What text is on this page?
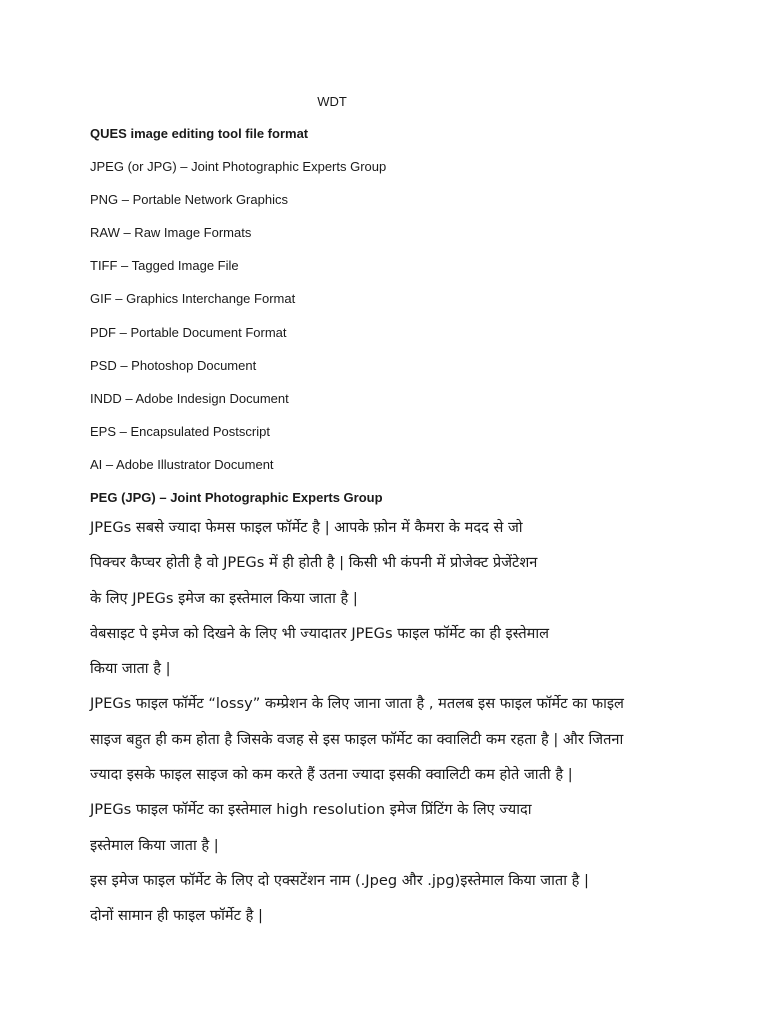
WDT
QUES image editing tool file format
JPEG (or JPG) – Joint Photographic Experts Group
PNG – Portable Network Graphics
RAW – Raw Image Formats
TIFF – Tagged Image File
GIF – Graphics Interchange Format
PDF – Portable Document Format
PSD – Photoshop Document
INDD – Adobe Indesign Document
EPS – Encapsulated Postscript
AI – Adobe Illustrator Document
PEG (JPG) – Joint Photographic Experts Group
JPEGs सबसे ज्यादा फेमस फाइल फॉर्मेट है | आपके फ़ोन में कैमरा के मदद से जो
पिक्चर कैप्चर होती है वो JPEGs में ही होती है | किसी भी कंपनी में प्रोजेक्ट प्रेजेंटेशन
के लिए JPEGs इमेज का इस्तेमाल किया जाता है |
वेबसाइट पे इमेज को दिखने के लिए भी ज्यादातर JPEGs फाइल फॉर्मेट का ही इस्तेमाल
किया जाता है |
JPEGs फाइल फॉर्मेट “lossy” कम्प्रेशन के लिए जाना जाता है , मतलब इस फाइल फॉर्मेट का फाइल
साइज बहुत ही कम होता है जिसके वजह से इस फाइल फॉर्मेट का क्वालिटी कम रहता है | और जितना
ज्यादा इसके फाइल साइज को कम करते हैं उतना ज्यादा इसकी क्वालिटी कम होते जाती है |
JPEGs फाइल फॉर्मेट का इस्तेमाल high resolution इमेज प्रिंटिंग के लिए ज्यादा
इस्तेमाल किया जाता है |
इस इमेज फाइल फॉर्मेट के लिए दो एक्सटेंशन नाम (.Jpeg और .jpg)इस्तेमाल किया जाता है |
दोनों सामान ही फाइल फॉर्मेट है |
